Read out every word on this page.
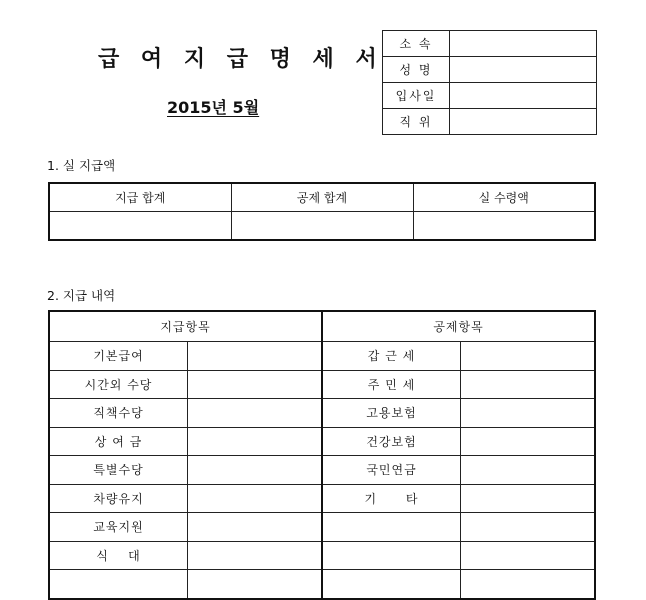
급 여 지 급 명 세 서
2015년 5월
소 속	
성 명	
입사일	
직 위	
1. 실 지급액
지급 합계	공제 합계	실 수령액

2. 지급 내역
지급항목		공제항목	
기본급여		갑 근 세	
시간외 수당		주 민 세	
직책수당		고용보험	
상 여 금		건강보험	
특별수당		국민연금	
차량유지		기      타	
교육지원			
식    대			
